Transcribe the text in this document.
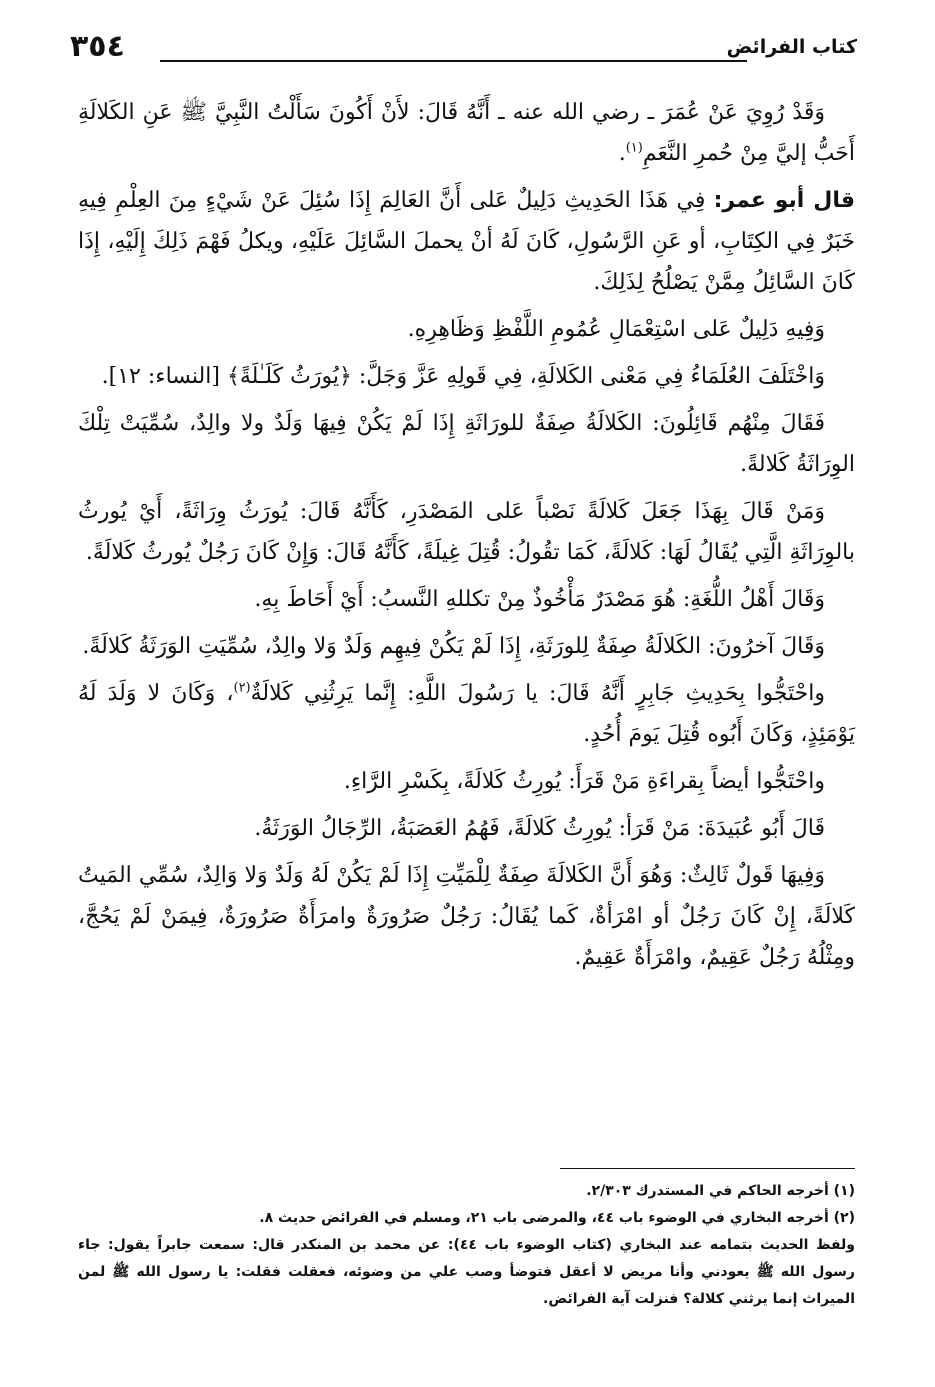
كتاب الفرائض
٣٥٤

وَقَدْ رُوِيَ عَنْ عُمَرَ ـ رضي الله عنه ـ أَنَّهُ قَالَ: لأَنْ أَكُونَ سَأَلْتُ النَّبِيَّ ﷺ عَنِ الكَلالَةِ أَحَبُّ إليَّ مِنْ حُمرِ النَّعَمِ$^{(١)}$.

قال أبو عمر: فِي هَذَا الحَدِيثِ دَلِيلٌ عَلى أَنَّ العَالِمَ إِذَا سُئِلَ عَنْ شَيْءٍ مِنَ العِلْمِ فِيهِ خَبَرٌ فِي الكِتَابِ، أو عَنِ الرَّسُولِ، كَانَ لَهُ أنْ يحملَ السَّائِلَ عَلَيْهِ، ويكلُ فَهْمَ ذَلِكَ إِلَيْهِ، إِذَا كَانَ السَّائِلُ مِمَّنْ يَصْلُحُ لِذَلِكَ.

وَفِيهِ دَلِيلٌ عَلى اسْتِعْمَالِ عُمُومِ اللَّفْظِ وَظَاهِرِهِ.

وَاخْتَلَفَ العُلَمَاءُ فِي مَعْنى الكَلالَةِ، فِي قَولِهِ عَزَّ وَجَلَّ: ﴿يُورَثُ كَلَـٰلَةً﴾ [النساء: ١٢].

فَقَالَ مِنْهُم قَائِلُونَ: الكَلالَةُ صِفَةٌ للورَاثَةِ إِذَا لَمْ يَكُنْ فِيهَا وَلَدٌ ولا والِدٌ، سُمِّيَتْ تِلْكَ الوِرَاثَةُ كَلالةً.

وَمَنْ قَالَ بِهَذَا جَعَلَ كَلالَةً نَصْباً عَلى المَصْدَرِ، كَأَنَّهُ قَالَ: يُورَثُ وِرَاثَةً، أَيْ يُورثُ بالوِرَاثَةِ الَّتِي يُقَالُ لَهَا: كَلالَةً، كَمَا تقُولُ: قُتِلَ غِيلَةً، كَأَنَّهُ قَالَ: وَإِنْ كَانَ رَجُلٌ يُورثُ كَلالَةً.

وَقَالَ أَهْلُ اللُّغَةِ: هُوَ مَصْدَرٌ مَأْخُوذٌ مِنْ تكللهِ النَّسبُ: أَيْ أَحَاطَ بِهِ.

وَقَالَ آخرُونَ: الكَلالَةُ صِفَةٌ لِلورَثَةِ، إِذَا لَمْ يَكُنْ فِيهِم وَلَدٌ وَلا والِدٌ، سُمِّيَتِ الوَرَثَةُ كَلالَةً.

واحْتَجُّوا بِحَدِيثِ جَابِرٍ أَنَّهُ قَالَ: يا رَسُولَ اللَّهِ: إِنَّما يَرِثُنِي كَلالَةٌ$^{(٢)}$، وَكَانَ لا وَلَدَ لَهُ يَوْمَئِذٍ، وَكَانَ أَبُوه قُتِلَ يَومَ أُحُدٍ.

واحْتَجُّوا أيضاً بِقراءَةِ مَنْ قَرَأَ: يُورِثُ كَلالَةً، بِكَسْرِ الرَّاءِ.

قَالَ أَبُو عُبَيدَةَ: مَنْ قَرَأ: يُورِثُ كَلالَةً، فَهُمُ العَصَبَةُ، الرِّجَالُ الوَرَثَةُ.

وَفِيهَا قَولٌ ثَالِثٌ: وَهُوَ أَنَّ الكَلالَةَ صِفَةٌ لِلْمَيِّتِ إِذَا لَمْ يَكُنْ لَهُ وَلَدٌ وَلا وَالِدٌ، سُمِّي المَيتُ كَلالَةً، إِنْ كَانَ رَجُلٌ أو امْرَأةٌ، كَما يُقَالُ: رَجُلٌ صَرُورَةٌ وامرَأَةٌ صَرُورَةٌ، فِيمَنْ لَمْ يَحُجَّ، ومِثْلُهُ رَجُلٌ عَقِيمٌ، وامْرَأَةٌ عَقِيمٌ.

(١) أخرجه الحاكم في المستدرك ٢/٣٠٣.

(٢) أخرجه البخاري في الوضوء باب ٤٤، والمرضى باب ٢١، ومسلم في الفرائض حديث ٨.

ولفظ الحديث بتمامه عند البخاري (كتاب الوضوء باب ٤٤): عن محمد بن المنكدر قال: سمعت جابراً يقول: جاء رسول الله ﷺ يعودني وأنا مريض لا أعقل فتوضأ وصب علي من وضوئه، فعقلت فقلت: يا رسول الله ﷺ لمن الميراث إنما يرثني كلالة؟ فنزلت آية الفرائض.
